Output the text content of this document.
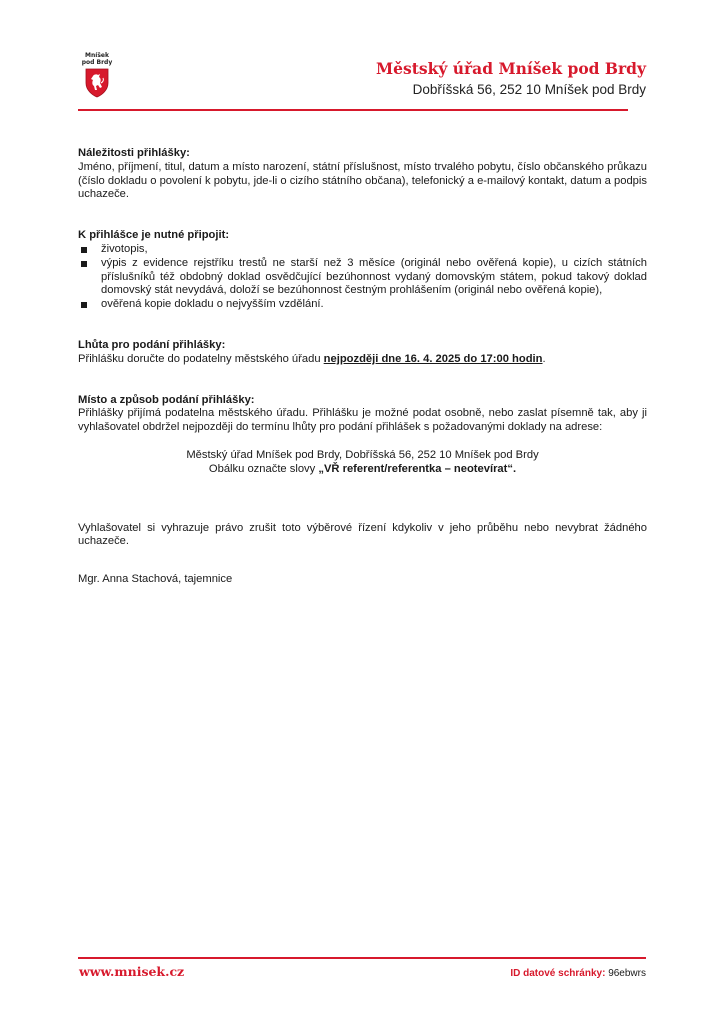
Mníšek
pod Brdy	Městský úřad Mníšek pod Brdy
Dobříšská 56, 252 10 Mníšek pod Brdy
Náležitosti přihlášky:
Jméno, příjmení, titul, datum a místo narození, státní příslušnost, místo trvalého pobytu, číslo občanského průkazu (číslo dokladu o povolení k pobytu, jde-li o cizího státního občana), telefonický a e-mailový kontakt, datum a podpis uchazeče.
K přihlášce je nutné připojit:
životopis,
výpis z evidence rejstříku trestů ne starší než 3 měsíce (originál nebo ověřená kopie), u cizích státních příslušníků též obdobný doklad osvědčující bezúhonnost vydaný domovským státem, pokud takový doklad domovský stát nevydává, doloží se bezúhonnost čestným prohlášením (originál nebo ověřená kopie),
ověřená kopie dokladu o nejvyšším vzdělání.
Lhůta pro podání přihlášky:
Přihlášku doručte do podatelny městského úřadu nejpozději dne 16. 4. 2025 do 17:00 hodin.
Místo a způsob podání přihlášky:
Přihlášky přijímá podatelna městského úřadu. Přihlášku je možné podat osobně, nebo zaslat písemně tak, aby ji vyhlašovatel obdržel nejpozději do termínu lhůty pro podání přihlášek s požadovanými doklady na adrese:
Městský úřad Mníšek pod Brdy, Dobříšská 56, 252 10 Mníšek pod Brdy
Obálku označte slovy „VŘ referent/referentka – neotevírat“.
Vyhlašovatel si vyhrazuje právo zrušit toto výběrové řízení kdykoliv v jeho průběhu nebo nevybrat žádného uchazeče.
Mgr. Anna Stachová, tajemnice
www.mnisek.cz	ID datové schránky: 96ebwrs
